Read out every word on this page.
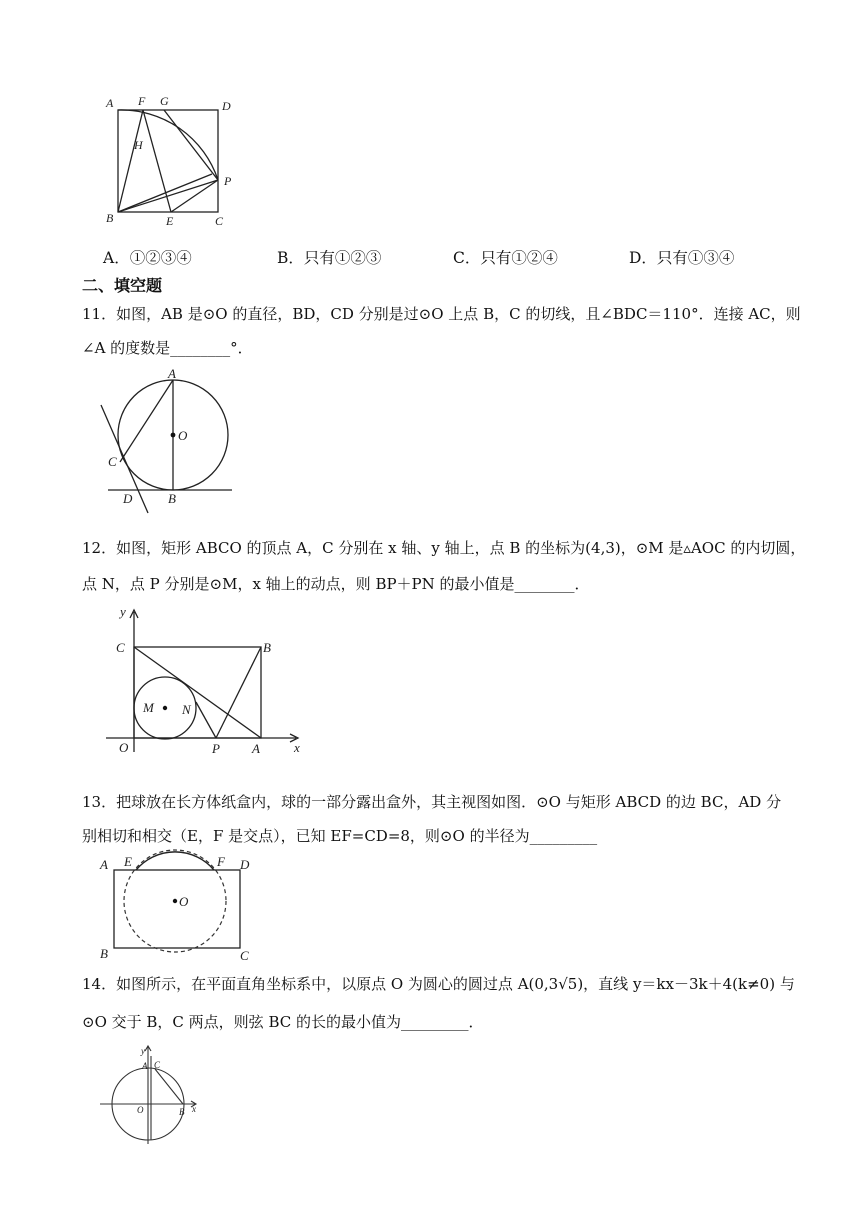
A F G	D
H
P
B	E	C
A．①②③④	B．只有①②③	C．只有①②④	D．只有①③④
二、填空题
11．如图，AB 是⊙O 的直径，BD，CD 分别是过⊙O 上点 B，C 的切线，且∠BDC＝110°．连接 AC，则
∠A 的度数是________°．
A
O
C
D	B
12．如图，矩形 ABCO 的顶点 A，C 分别在 x 轴、y 轴上，点 B 的坐标为(4,3)，⊙M 是▵AOC 的内切圆，
点 N，点 P 分别是⊙M，x 轴上的动点，则 BP＋PN 的最小值是________．
y
C	B
M N
O	P A	x
13．把球放在长方体纸盒内，球的一部分露出盒外，其主视图如图．⊙O 与矩形 ABCD 的边 BC，AD 分
别相切和相交（E，F 是交点），已知 EF=CD=8，则⊙O 的半径为_________
A E	F D
O
B	C
14．如图所示，在平面直角坐标系中，以原点 O 为圆心的圆过点 A(0,3√5)，直线 y＝kx－3k＋4(k≠0) 与
⊙O 交于 B，C 两点，则弦 BC 的长的最小值为_________．
y
A C
O	B x
